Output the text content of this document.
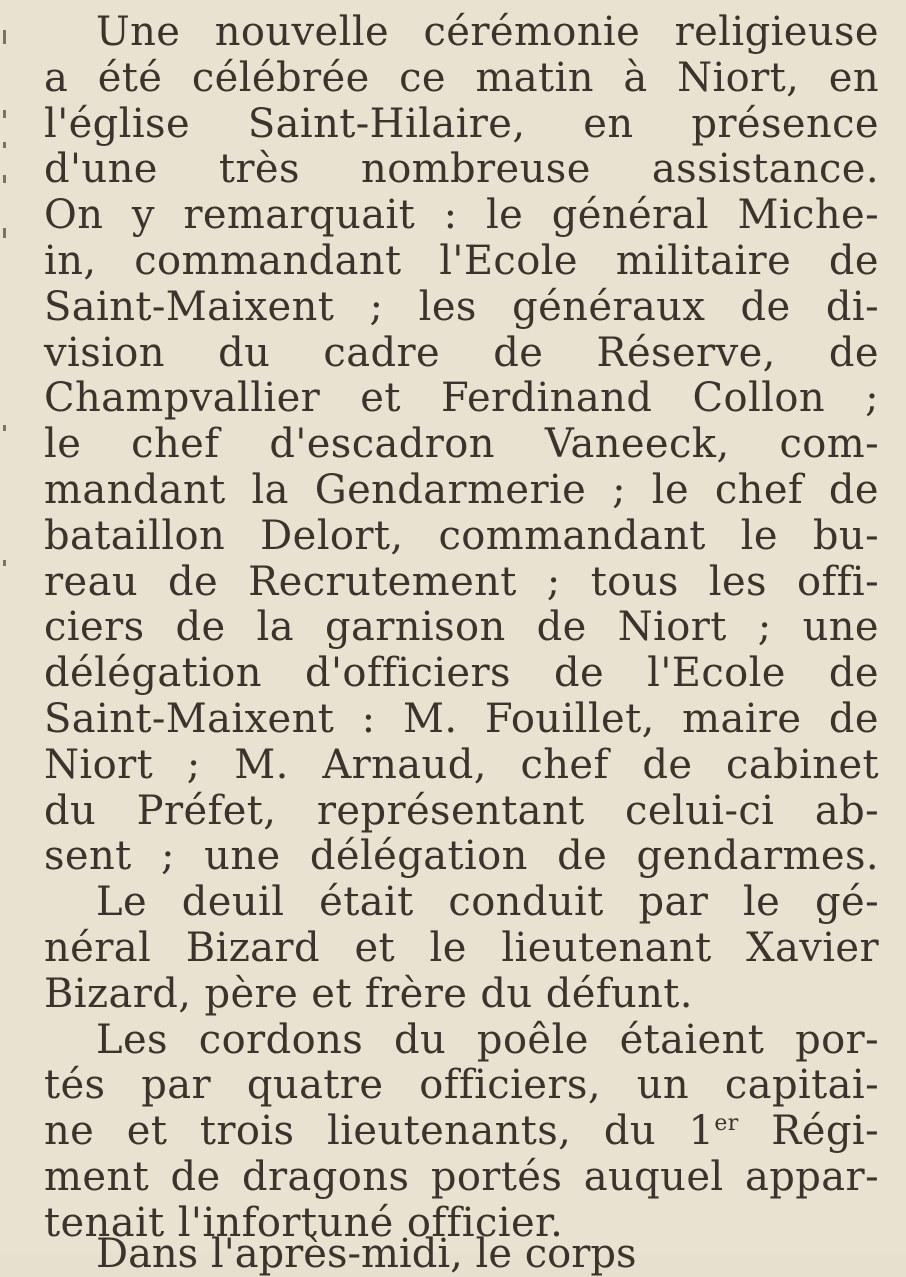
Une nouvelle cérémonie religieuse
a été célébrée ce matin à Niort, en
l'église Saint-Hilaire, en présence
d'une très nombreuse assistance.
On y remarquait : le général Miche-
in, commandant l'Ecole militaire de
Saint-Maixent ; les généraux de di-
vision du cadre de Réserve, de
Champvallier et Ferdinand Collon ;
le chef d'escadron Vaneeck, com-
mandant la Gendarmerie ; le chef de
bataillon Delort, commandant le bu-
reau de Recrutement ; tous les offi-
ciers de la garnison de Niort ; une
délégation d'officiers de l'Ecole de
Saint-Maixent : M. Fouillet, maire de
Niort ; M. Arnaud, chef de cabinet
du Préfet, représentant celui-ci ab-
sent ; une délégation de gendarmes.
Le deuil était conduit par le gé-
néral Bizard et le lieutenant Xavier
Bizard, père et frère du défunt.
Les cordons du poêle étaient por-
tés par quatre officiers, un capitai-
ne et trois lieutenants, du 1er Régi-
ment de dragons portés auquel appar-
tenait l'infortuné officier.
Dans l'après-midi, le corps
